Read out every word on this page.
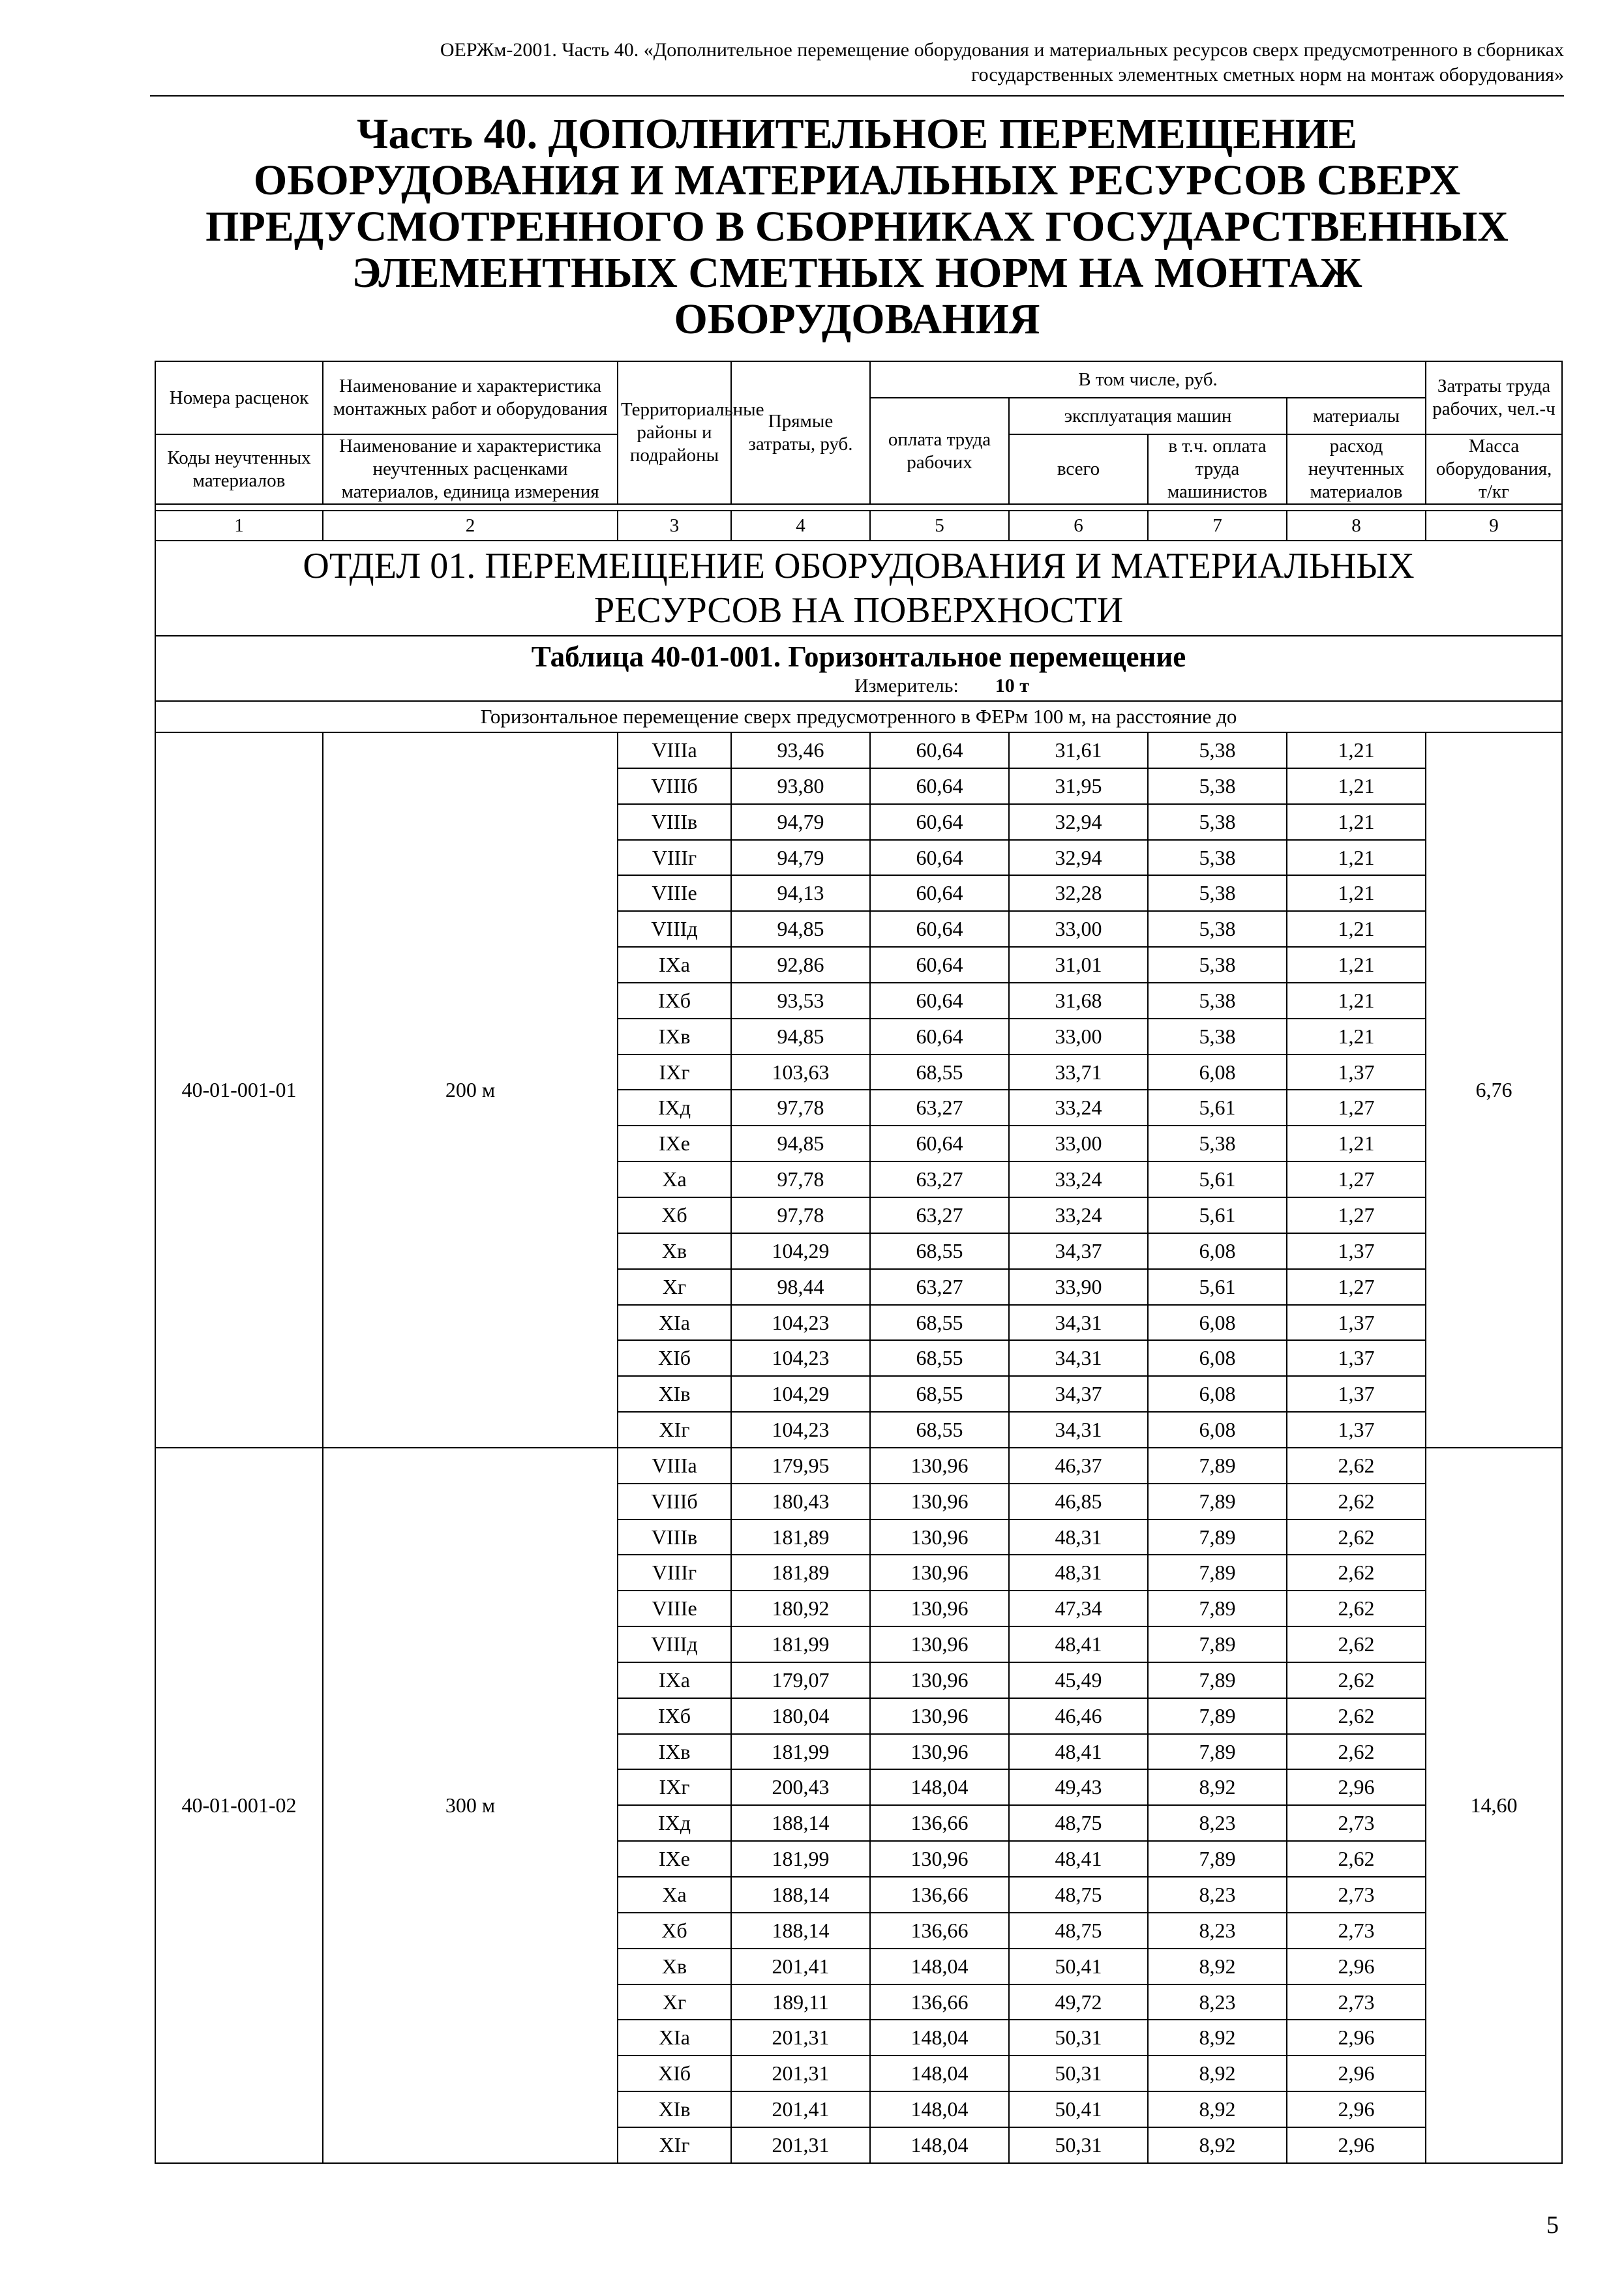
ОЕРЖм-2001. Часть 40. «Дополнительное перемещение оборудования и материальных ресурсов сверх предусмотренного в сборниках
государственных элементных сметных норм на монтаж оборудования»
Часть 40. ДОПОЛНИТЕЛЬНОЕ ПЕРЕМЕЩЕНИЕ
ОБОРУДОВАНИЯ И МАТЕРИАЛЬНЫХ РЕСУРСОВ СВЕРХ
ПРЕДУСМОТРЕННОГО В СБОРНИКАХ ГОСУДАРСТВЕННЫХ
ЭЛЕМЕНТНЫХ СМЕТНЫХ НОРМ НА МОНТАЖ
ОБОРУДОВАНИЯ
Номера расценок	Наименование и характеристика монтажных работ и оборудования	Территориальные районы и подрайоны	Прямые затраты, руб.	В том числе, руб.				Затраты труда рабочих, чел.-ч
				оплата труда рабочих	эксплуатация машин		материалы	
Коды неучтенных материалов	Наименование и характеристика неучтенных расценками материалов, единица измерения				всего	в т.ч. оплата труда машинистов	расход неучтенных материалов	
								Масса оборудования, т/кг

1	2	3	4	5	6	7	8	9

ОТДЕЛ 01. ПЕРЕМЕЩЕНИЕ ОБОРУДОВАНИЯ И МАТЕРИАЛЬНЫХ
РЕСУРСОВ НА ПОВЕРХНОСТИ								

Таблица 40-01-001. Горизонтальное перемещение
Измеритель: 10 т								

Горизонтальное перемещение сверх предусмотренного в ФЕРм 100 м, на расстояние до								
40-01-001-01	200 м	VIIIа	93,46	60,64	31,61	5,38	1,21	6,76
		VIIIб	93,80	60,64	31,95	5,38	1,21	
		VIIIв	94,79	60,64	32,94	5,38	1,21	
		VIIIг	94,79	60,64	32,94	5,38	1,21	
		VIIIе	94,13	60,64	32,28	5,38	1,21	
		VIIIд	94,85	60,64	33,00	5,38	1,21	
		IXа	92,86	60,64	31,01	5,38	1,21	
		IXб	93,53	60,64	31,68	5,38	1,21	
		IXв	94,85	60,64	33,00	5,38	1,21	
		IXг	103,63	68,55	33,71	6,08	1,37	
		IXд	97,78	63,27	33,24	5,61	1,27	
		IXе	94,85	60,64	33,00	5,38	1,21	
		Xа	97,78	63,27	33,24	5,61	1,27	
		Xб	97,78	63,27	33,24	5,61	1,27	
		Xв	104,29	68,55	34,37	6,08	1,37	
		Xг	98,44	63,27	33,90	5,61	1,27	
		XIа	104,23	68,55	34,31	6,08	1,37	
		XIб	104,23	68,55	34,31	6,08	1,37	
		XIв	104,29	68,55	34,37	6,08	1,37	
		XIг	104,23	68,55	34,31	6,08	1,37	
40-01-001-02	300 м	VIIIа	179,95	130,96	46,37	7,89	2,62	14,60
		VIIIб	180,43	130,96	46,85	7,89	2,62	
		VIIIв	181,89	130,96	48,31	7,89	2,62	
		VIIIг	181,89	130,96	48,31	7,89	2,62	
		VIIIе	180,92	130,96	47,34	7,89	2,62	
		VIIIд	181,99	130,96	48,41	7,89	2,62	
		IXа	179,07	130,96	45,49	7,89	2,62	
		IXб	180,04	130,96	46,46	7,89	2,62	
		IXв	181,99	130,96	48,41	7,89	2,62	
		IXг	200,43	148,04	49,43	8,92	2,96	
		IXд	188,14	136,66	48,75	8,23	2,73	
		IXе	181,99	130,96	48,41	7,89	2,62	
		Xа	188,14	136,66	48,75	8,23	2,73	
		Xб	188,14	136,66	48,75	8,23	2,73	
		Xв	201,41	148,04	50,41	8,92	2,96	
		Xг	189,11	136,66	49,72	8,23	2,73	
		XIа	201,31	148,04	50,31	8,92	2,96	
		XIб	201,31	148,04	50,31	8,92	2,96	
		XIв	201,41	148,04	50,41	8,92	2,96	
		XIг	201,31	148,04	50,31	8,92	2,96	
5
